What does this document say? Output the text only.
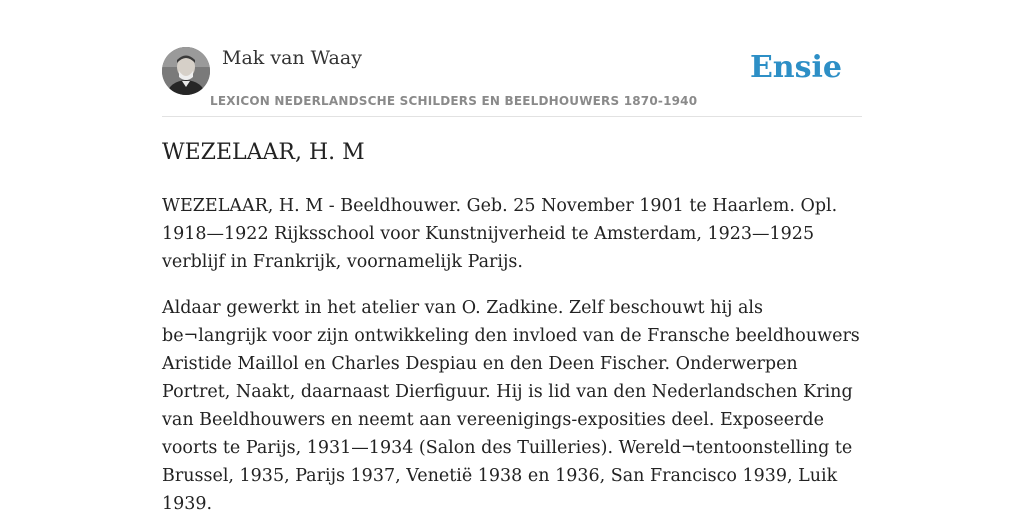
Mak van Waay
LEXICON NEDERLANDSCHE SCHILDERS EN BEELDHOUWERS 1870-1940
Ensie
WEZELAAR, H. M

WEZELAAR, H. M - Beeldhouwer. Geb. 25 November 1901 te Haarlem. Opl. 1918—1922 Rijksschool voor Kunstnijverheid te Amsterdam, 1923—1925 verblijf in Frankrijk, voornamelijk Parijs.

Aldaar gewerkt in het atelier van O. Zadkine. Zelf beschouwt hij als be¬langrijk voor zijn ontwikkeling den invloed van de Fransche beeldhouwers Aristide Maillol en Charles Despiau en den Deen Fischer. Onderwerpen Portret, Naakt, daarnaast Dierfiguur. Hij is lid van den Nederlandschen Kring van Beeldhouwers en neemt aan vereenigings-exposities deel. Exposeerde voorts te Parijs, 1931—1934 (Salon des Tuilleries). Wereld¬tentoonstelling te Brussel, 1935, Parijs 1937, Venetië 1938 en 1936, San Francisco 1939, Luik 1939.
